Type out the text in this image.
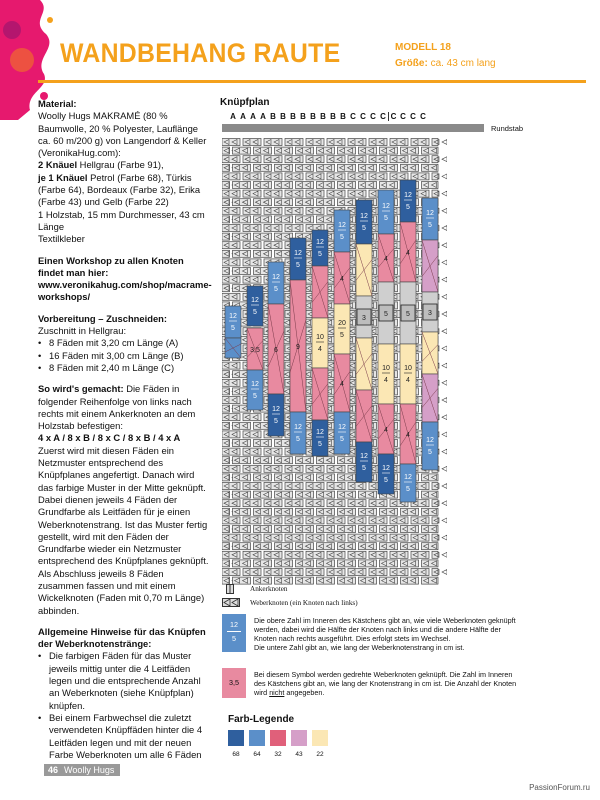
WANDBEHANG RAUTE	MODELL 18
Größe: ca. 43 cm lang

Material:
Woolly Hugs MAKRAMÉ (80 % Baumwolle, 20 % Polyester, Lauflänge ca. 60 m/200 g) von Langendorf & Keller (VeronikaHug.com):
2 Knäuel Hellgrau (Farbe 91),
je 1 Knäuel Petrol (Farbe 68), Türkis (Farbe 64), Bordeaux (Farbe 32), Erika (Farbe 43) und Gelb (Farbe 22)
1 Holzstab, 15 mm Durchmesser, 43 cm Länge
Textilkleber

Einen Workshop zu allen Knoten findet man hier: www.veronikahug.com/shop/macrame-workshops/

Vorbereitung – Zuschneiden:
Zuschnitt in Hellgrau:

• 8 Fäden mit 3,20 cm Länge (A)
• 16 Fäden mit 3,00 cm Länge (B)
• 8 Fäden mit 2,40 m Länge (C)

So wird's gemacht: Die Fäden in folgender Reihenfolge von links nach rechts mit einem Ankerknoten an dem Holzstab befestigen:
4 x A / 8 x B / 8 x C / 8 x B / 4 x A
Zuerst wird mit diesen Fäden ein Netzmuster entsprechend des Knüpfplanes angefertigt. Danach wird das farbige Muster in der Mitte geknüpft. Dabei dienen jeweils 4 Fäden der Grundfarbe als Leitfäden für je einen Weberknotenstrang. Ist das Muster fertig gestellt, wird mit den Fäden der Grundfarbe wieder ein Netzmuster entsprechend des Knüpfplanes geknüpft. Als Abschluss jeweils 8 Fäden zusammen fassen und mit einem Wickelknoten (Faden mit 0,70 m Länge) abbinden.

Allgemeine Hinweise für das Knüpfen der Weberknotenstränge:

• Die farbigen Fäden für das Muster jeweils mittig unter die 4 Leitfäden legen und die entsprechende Anzahl an Weberknoten (siehe Knüpfplan) knüpfen.
• Bei einem Farbwechsel die zuletzt verwendeten Knüpffäden hinter die 4 Leitfäden legen und mit der neuen Farbe Weberknoten um alle 6 Fäden
Knüpfplan
A A A A B B B B B B B B C C C C C C C C
Rundstab
12
5
12
5
3,5
12
5
12
5
6
12
5
12
5
9
12
5
12
5
10
4
12
5
12
5
4
20
5
4
12
5
12
5
3
12
5
12
5
4
5
10
4
4
12
5
12
5
4
5
10
4
4
12
5
12
5
3
12
5
Ankerknoten
Weberknoten (ein Knoten nach links)
12
5
Die obere Zahl im Inneren des Kästchens gibt an, wie viele Weberknoten geknüpft werden, dabei wird die Hälfte der Knoten nach links und die andere Hälfte der Knoten nach rechts ausgeführt. Dies erfolgt stets im Wechsel.
Die untere Zahl gibt an, wie lang der Weberknotenstrang in cm ist.
3,5
Bei diesem Symbol werden gedrehte Weberknoten geknüpft. Die Zahl im Inneren des Kästchens gibt an, wie lang der Knotenstrang in cm ist. Die Anzahl der Knoten wird nicht angegeben.
Farb-Legende
68	64	32	43	22
46 Woolly Hugs
PassionForum.ru
